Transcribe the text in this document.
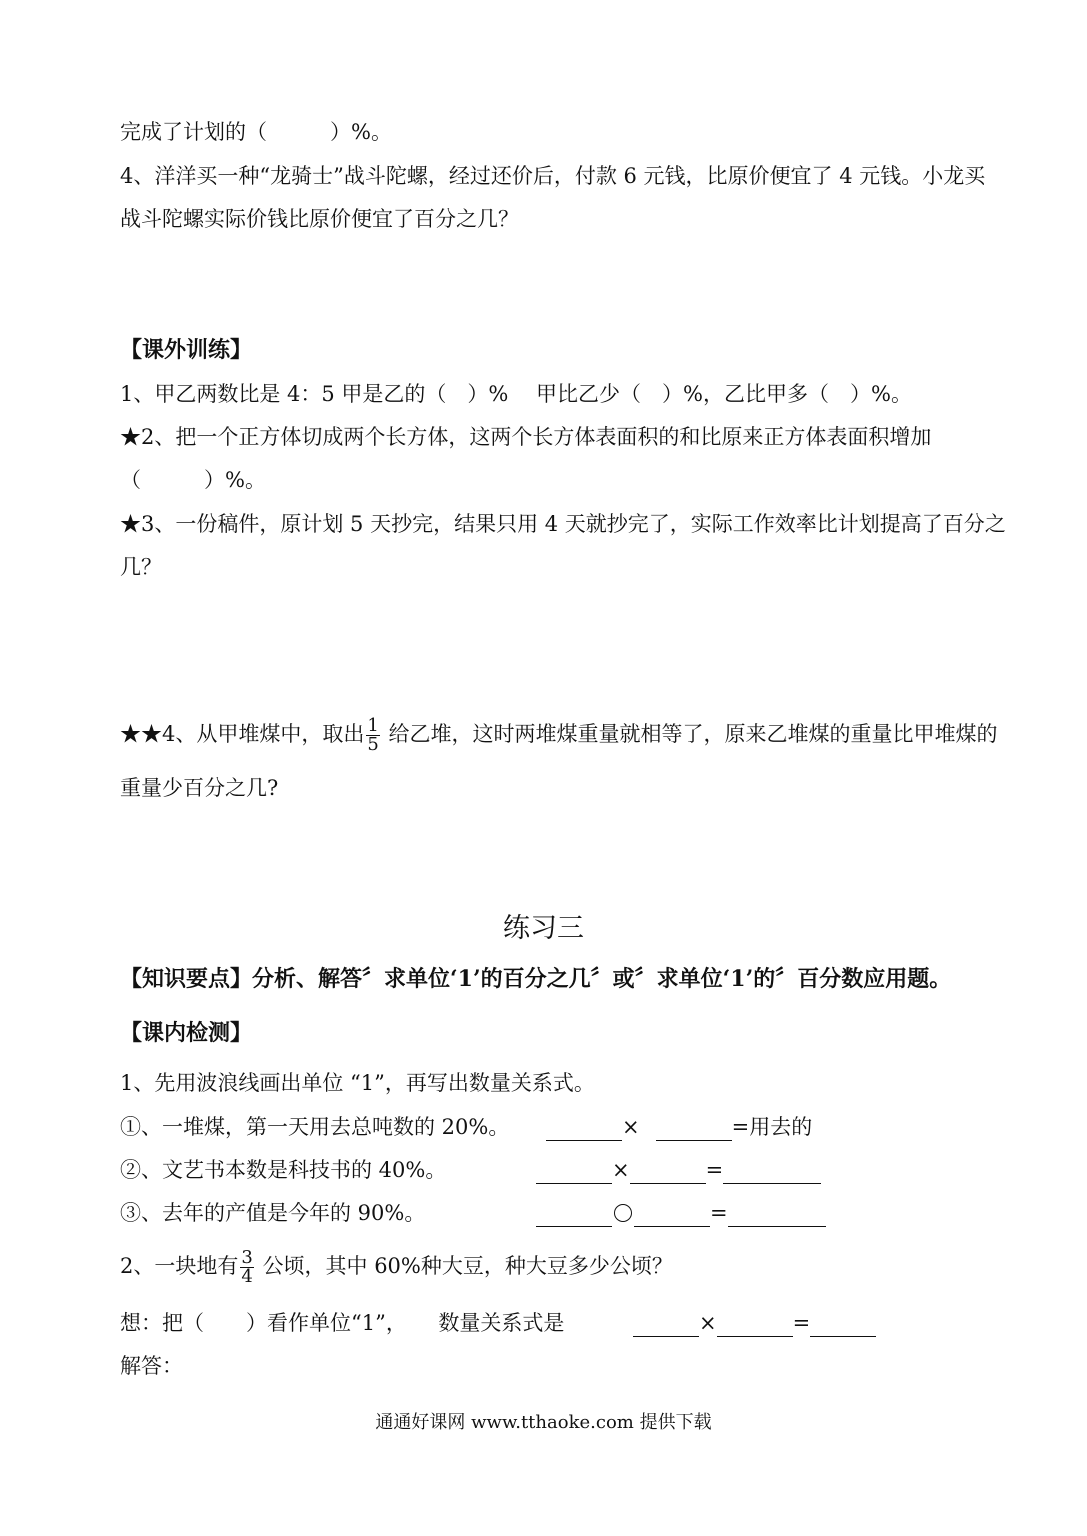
完成了计划的（　　　）%。
4、洋洋买一种“龙骑士”战斗陀螺，经过还价后，付款 6 元钱，比原价便宜了 4 元钱。小龙买
战斗陀螺实际价钱比原价便宜了百分之几？
【课外训练】
1、甲乙两数比是 4：5 甲是乙的（　）%　 甲比乙少（　）%，乙比甲多（　）%。
★2、把一个正方体切成两个长方体，这两个长方体表面积的和比原来正方体表面积增加
（　　　）%。
★3、一份稿件，原计划 5 天抄完，结果只用 4 天就抄完了，实际工作效率比计划提高了百分之
几？
★★4、从甲堆煤中，取出 $\frac{1}{5}$ 给乙堆，这时两堆煤重量就相等了，原来乙堆煤的重量比甲堆煤的
重量少百分之几?
练习三
【知识要点】分析、解答〞求单位‘1’的百分之几〞或〞求单位‘1’的〞百分数应用题。
【课内检测】
1、先用波浪线画出单位 “1”，再写出数量关系式。
①、一堆煤，第一天用去总吨数的 20%。	×	=用去的
②、文艺书本数是科技书的 40%。	×	=
③、去年的产值是今年的 90%。	=
2、一块地有 $\frac{3}{4}$ 公顷，其中 60%种大豆，种大豆多少公顷？
想：把（　　）看作单位“1”，　　数量关系式是	×	=
解答：
通通好课网 www.tthaoke.com 提供下载
